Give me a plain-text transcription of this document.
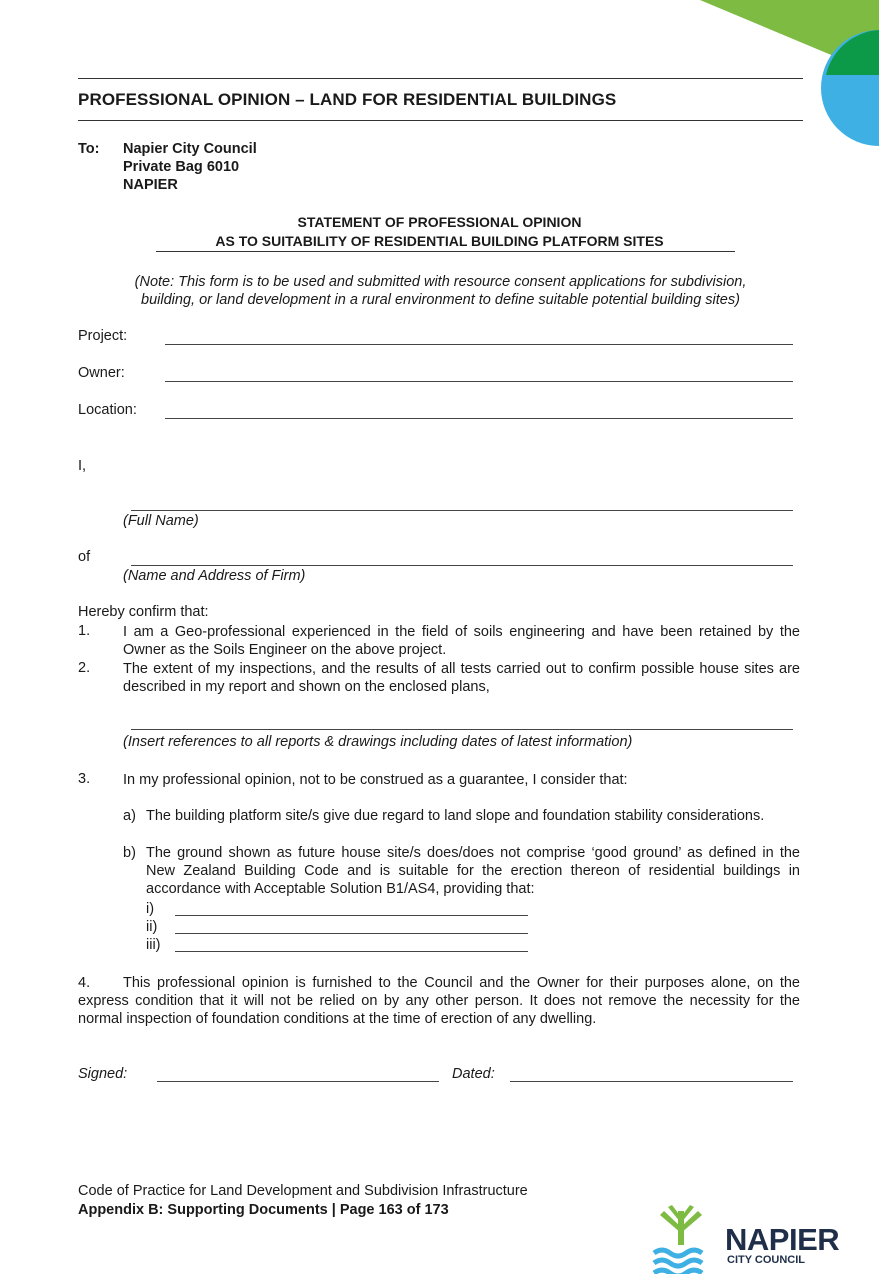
PROFESSIONAL OPINION – LAND FOR RESIDENTIAL BUILDINGS
To: Napier City Council
Private Bag 6010
NAPIER
STATEMENT OF PROFESSIONAL OPINION
AS TO SUITABILITY OF RESIDENTIAL BUILDING PLATFORM SITES
(Note: This form is to be used and submitted with resource consent applications for subdivision,
building, or land development in a rural environment to define suitable potential building sites)
Project:
Owner:
Location:
I,
(Full Name)
of
(Name and Address of Firm)
Hereby confirm that:
1. I am a Geo-professional experienced in the field of soils engineering and have been retained by the Owner as the Soils Engineer on the above project.
2. The extent of my inspections, and the results of all tests carried out to confirm possible house sites are described in my report and shown on the enclosed plans,
(Insert references to all reports & drawings including dates of latest information)
3. In my professional opinion, not to be construed as a guarantee, I consider that:
a) The building platform site/s give due regard to land slope and foundation stability considerations.
b) The ground shown as future house site/s does/does not comprise ‘good ground’ as defined in the New Zealand Building Code and is suitable for the erection thereon of residential buildings in accordance with Acceptable Solution B1/AS4, providing that:
i)
ii)
iii)
4. This professional opinion is furnished to the Council and the Owner for their purposes alone, on the express condition that it will not be relied on by any other person. It does not remove the necessity for the normal inspection of foundation conditions at the time of erection of any dwelling.
Signed:	Dated:
Code of Practice for Land Development and Subdivision Infrastructure
Appendix B: Supporting Documents | Page 163 of 173
NAPIER
CITY COUNCIL
